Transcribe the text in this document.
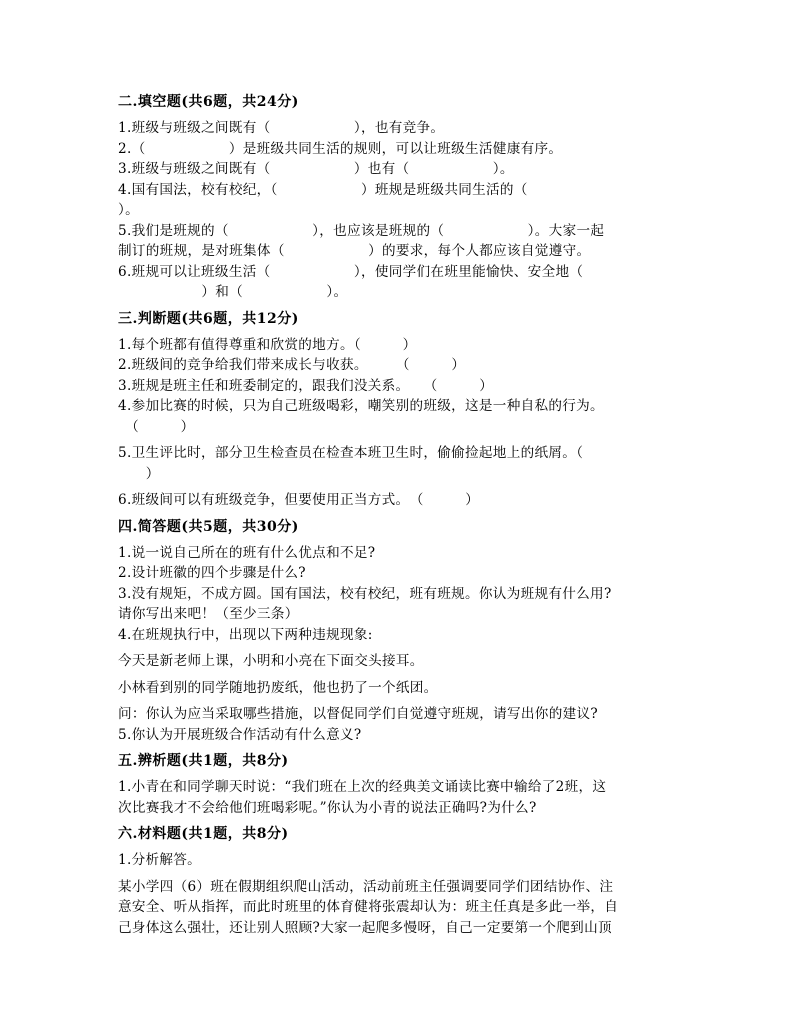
二.填空题(共6题，共24分)

1.班级与班级之间既有（　　　　　　），也有竞争。

2.（　　　　　　）是班级共同生活的规则，可以让班级生活健康有序。

3.班级与班级之间既有（　　　　　　）也有（　　　　　　）。

4.国有国法，校有校纪，（　　　　　　）班规是班级共同生活的（

）。

5.我们是班规的（　　　　　　），也应该是班规的（　　　　　　）。大家一起

制订的班规，是对班集体（　　　　　　）的要求，每个人都应该自觉遵守。

6.班规可以让班级生活（　　　　　　），使同学们在班里能愉快、安全地（

　　　　　　）和（　　　　　　）。

三.判断题(共6题，共12分)

1.每个班都有值得尊重和欣赏的地方。（　　　）

2.班级间的竞争给我们带来成长与收获。　　　（　　　）

3.班规是班主任和班委制定的，跟我们没关系。　　（　　　）

4.参加比赛的时候，只为自己班级喝彩，嘲笑别的班级，这是一种自私的行为。

　（　　　）

5.卫生评比时，部分卫生检查员在检查本班卫生时，偷偷捡起地上的纸屑。（

　　）

6.班级间可以有班级竞争，但要使用正当方式。　（　　　）

四.简答题(共5题，共30分)

1.说一说自己所在的班有什么优点和不足?

2.设计班徽的四个步骤是什么?

3.没有规矩，不成方圆。国有国法，校有校纪，班有班规。你认为班规有什么用?

请你写出来吧！（至少三条）

4.在班规执行中，出现以下两种违规现象:

今天是新老师上课，小明和小亮在下面交头接耳。

小林看到别的同学随地扔废纸，他也扔了一个纸团。

问：你认为应当采取哪些措施，以督促同学们自觉遵守班规，请写出你的建议?

5.你认为开展班级合作活动有什么意义?

五.辨析题(共1题，共8分)

1.小青在和同学聊天时说：“我们班在上次的经典美文诵读比赛中输给了2班，这

次比赛我才不会给他们班喝彩呢。”你认为小青的说法正确吗?为什么?

六.材料题(共1题，共8分)

1.分析解答。

某小学四（6）班在假期组织爬山活动，活动前班主任强调要同学们团结协作、注

意安全、听从指挥，而此时班里的体育健将张震却认为：班主任真是多此一举，自

己身体这么强壮，还让别人照顾?大家一起爬多慢呀，自己一定要第一个爬到山顶
